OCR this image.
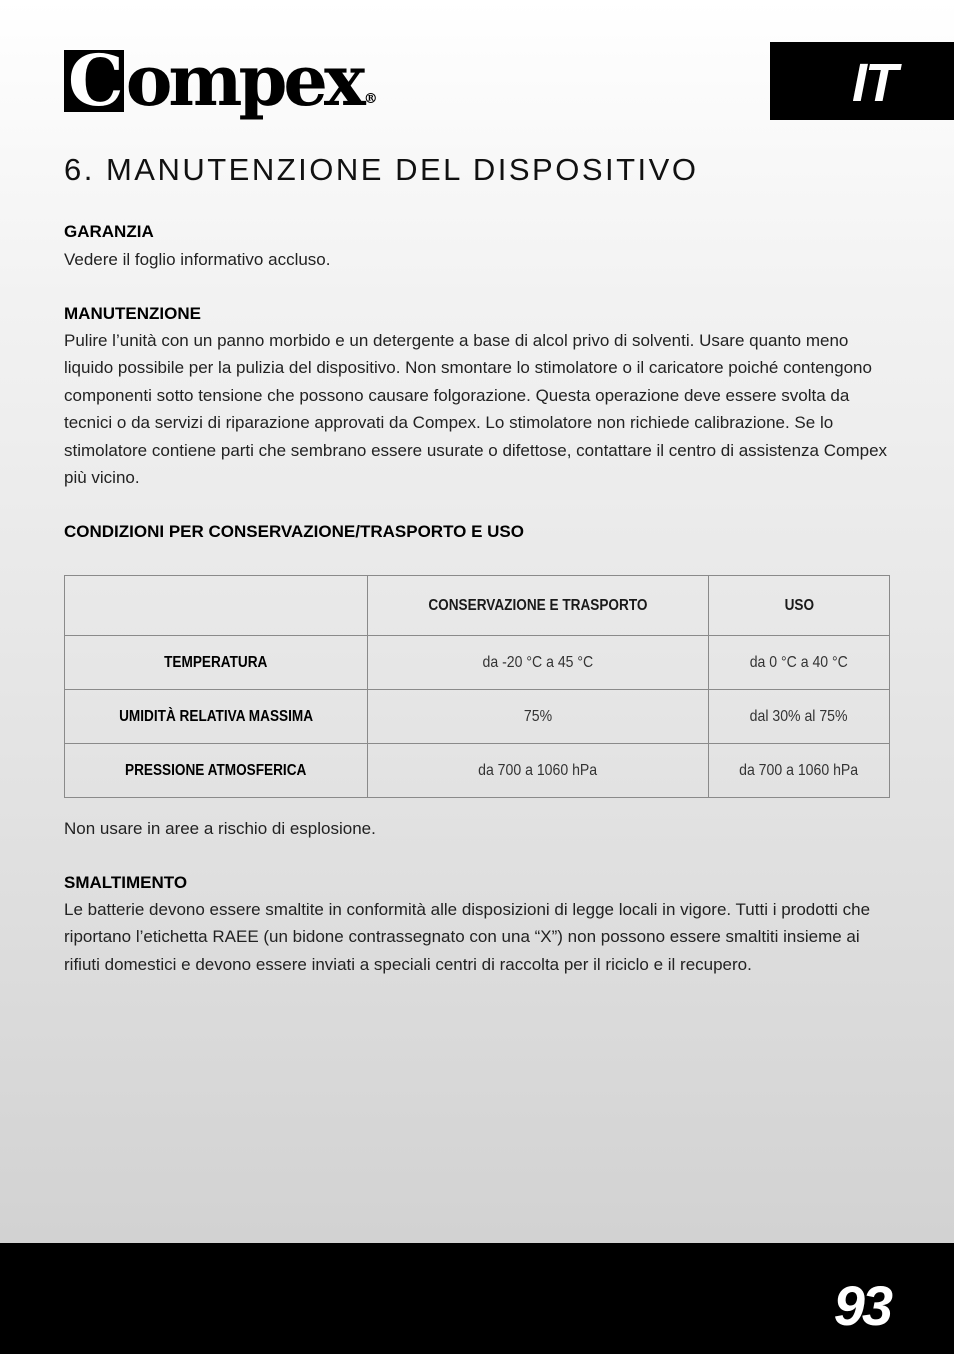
Compex ®	IT
6. MANUTENZIONE DEL DISPOSITIVO
GARANZIA

Vedere il foglio informativo accluso.

MANUTENZIONE

Pulire l’unità con un panno morbido e un detergente a base di alcol privo di solventi. Usare quanto meno liquido possibile per la pulizia del dispositivo. Non smontare lo stimolatore o il caricatore poiché contengono componenti sotto tensione che possono causare folgorazione. Questa operazione deve essere svolta da tecnici o da servizi di riparazione approvati da Compex. Lo stimolatore non richiede calibrazione. Se lo stimolatore contiene parti che sembrano essere usurate o difettose, contattare il centro di assistenza Compex più vicino.

CONDIZIONI PER CONSERVAZIONE/TRASPORTO E USO
	CONSERVAZIONE E TRASPORTO	USO
TEMPERATURA	da -20 °C a 45 °C	da 0 °C a 40 °C
UMIDITÀ RELATIVA MASSIMA	75%	dal 30% al 75%
PRESSIONE ATMOSFERICA	da 700 a 1060 hPa	da 700 a 1060 hPa

Non usare in aree a rischio di esplosione.

SMALTIMENTO

Le batterie devono essere smaltite in conformità alle disposizioni di legge locali in vigore. Tutti i prodotti che riportano l’etichetta RAEE (un bidone contrassegnato con una “X”) non possono essere smaltiti insieme ai rifiuti domestici e devono essere inviati a speciali centri di raccolta per il riciclo e il recupero.

93
